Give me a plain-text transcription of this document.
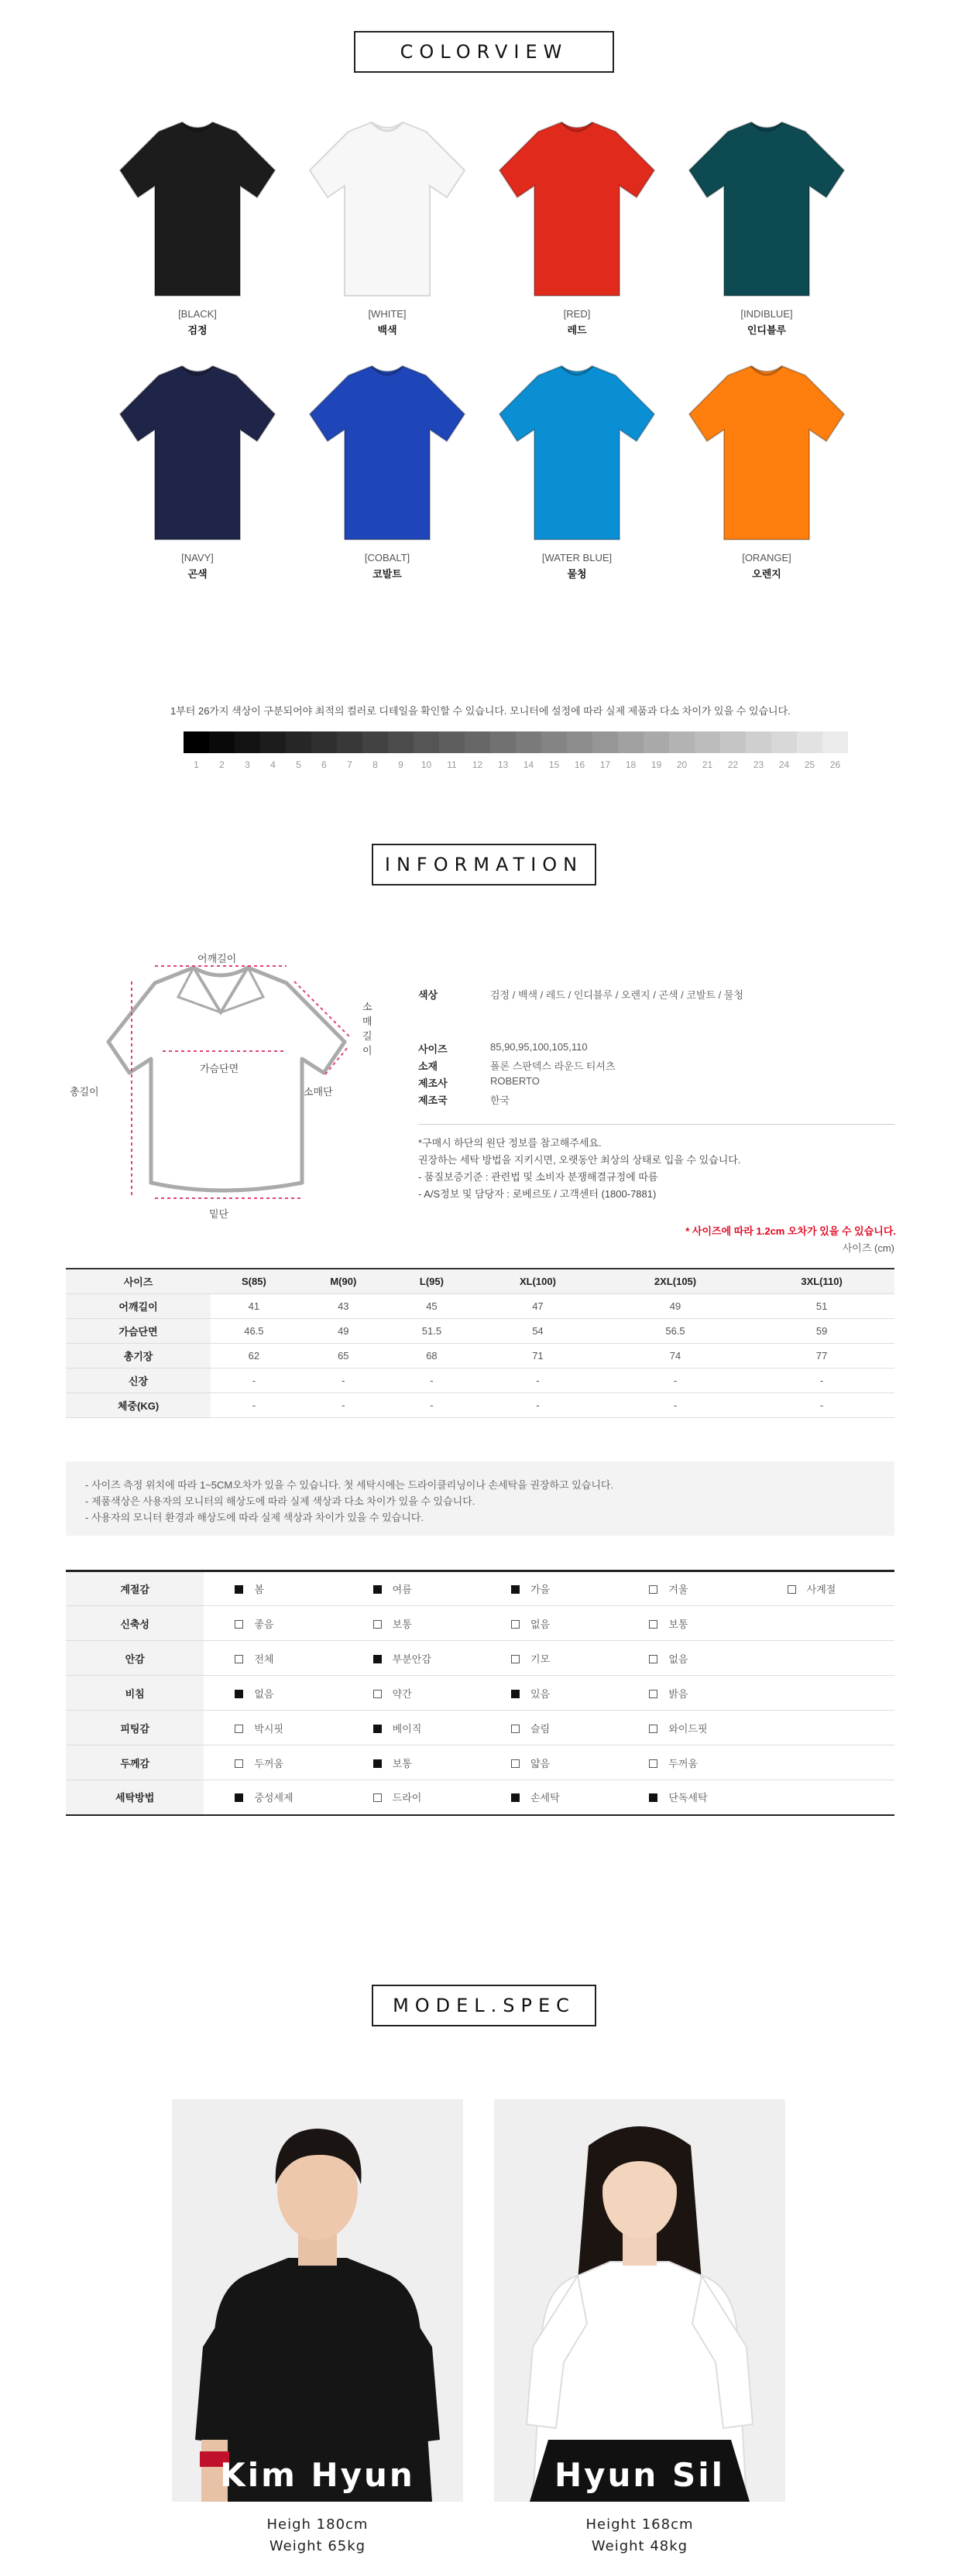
COLORVIEW
[BLACK]
검정
[WHITE]
백색
[RED]
레드
[INDIBLUE]
인디블루
[NAVY]
곤색
[COBALT]
코발트
[WATER BLUE]
물청
[ORANGE]
오렌지
1부터 26가지 색상이 구분되어야 최적의 컬러로 디테일을 확인할 수 있습니다. 모니터에 설정에 따라 실제 제품과 다소 차이가 있을 수 있습니다.
1	2	3	4	5	6	7	8	9	10	11	12	13	14	15	16	17	18	19	20	21	22	23	24	25	26
INFORMATION
어깨길이
소매길이
가슴단면
총길이	소매단
밑단
색상	검정 / 백색 / 레드 / 인디블루 / 오렌지 / 곤색 / 코발트 / 물청
사이즈	85,90,95,100,105,110
소재	폴론 스판덱스 라운드 티셔츠
제조사	ROBERTO
제조국	한국
*구매시 하단의 원단 정보를 참고해주세요.
권장하는 세탁 방법을 지키시면, 오랫동안 최상의 상태로 입을 수 있습니다.
- 품질보증기준 : 관련법 및 소비자 분쟁해결규정에 따름
- A/S정보 및 담당자 : 로베르또 / 고객센터 (1800-7881)
* 사이즈에 따라 1.2cm 오차가 있을 수 있습니다.
사이즈 (cm)
사이즈	S(85)	M(90)	L(95)	XL(100)	2XL(105)	3XL(110)
어깨길이	41	43	45	47	49	51
가슴단면	46.5	49	51.5	54	56.5	59
총기장	62	65	68	71	74	77
신장	-	-	-	-	-	-
체중(KG)	-	-	-	-	-	-
- 사이즈 측정 위치에 따라 1~5CM오차가 있을 수 있습니다. 첫 세탁시에는 드라이클리닝이나 손세탁을 권장하고 있습니다.
- 제품색상은 사용자의 모니터의 해상도에 따라 실제 색상과 다소 차이가 있을 수 있습니다.
- 사용자의 모니터 환경과 해상도에 따라 실제 색상과 차이가 있을 수 있습니다.
계절감	봄	여름	가을	겨울	사계절
신축성	좋음	보통	없음	보통	
안감	전체	부분안감	기모	없음	
비침	없음	약간	있음	밝음	
피팅감	박시핏	베이직	슬림	와이드핏	
두께감	두꺼움	보통	얇음	두꺼움	
세탁방법	중성세제	드라이	손세탁	단독세탁	
MODEL.SPEC
Kim Hyun	Hyun Sil
Heigh 180cm
Weight 65kg
Height 168cm
Weight 48kg
